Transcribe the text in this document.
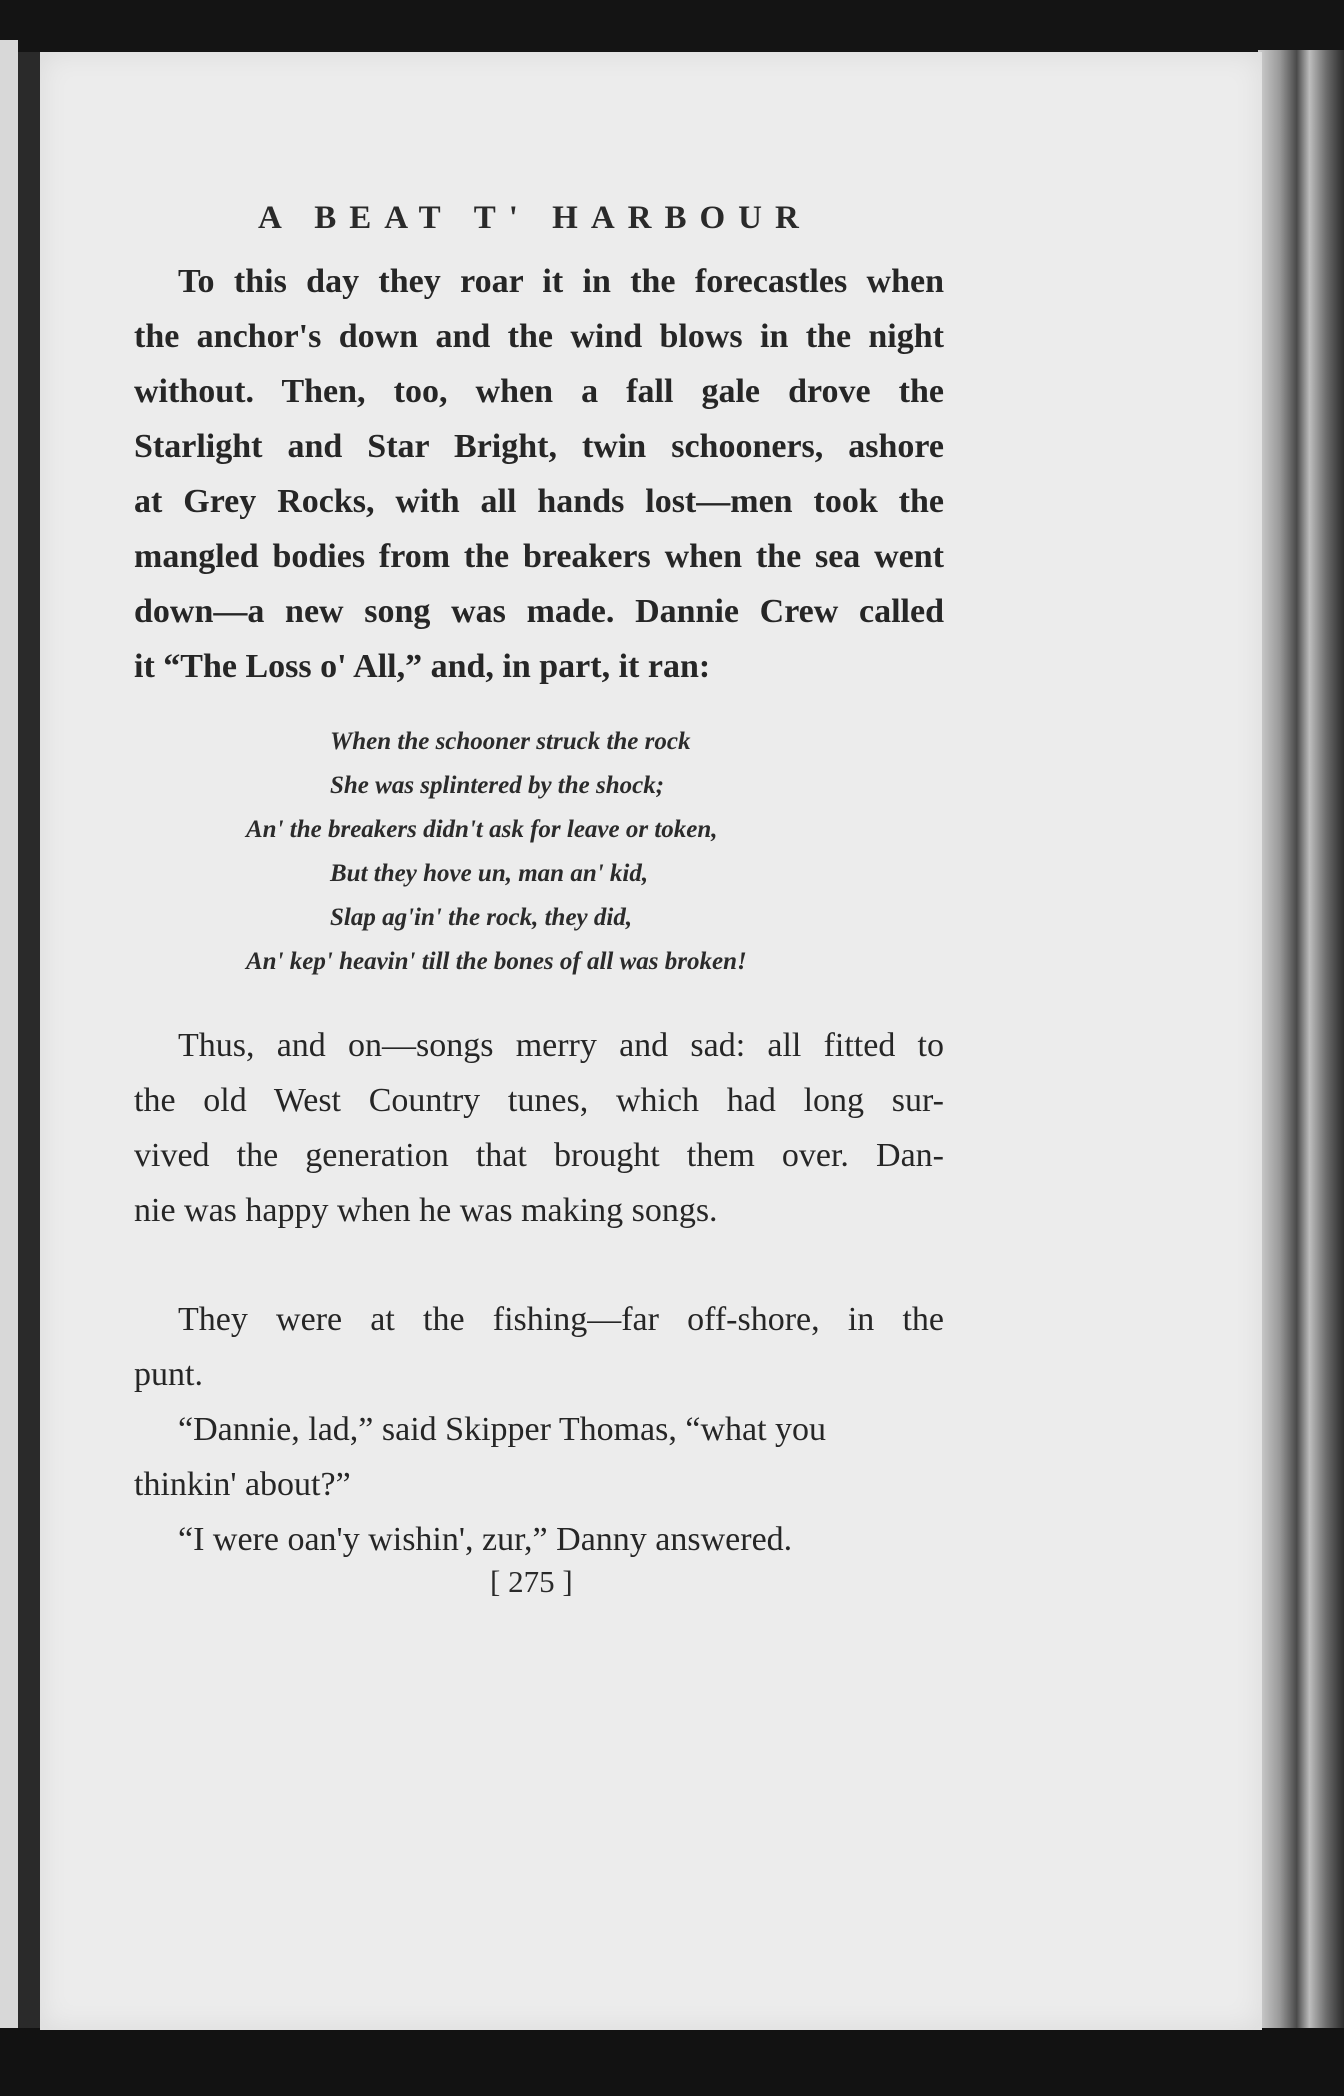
A BEAT T' HARBOUR
To this day they roar it in the forecastles when
the anchor's down and the wind blows in the night
without. Then, too, when a fall gale drove the
Starlight and Star Bright, twin schooners, ashore
at Grey Rocks, with all hands lost—men took the
mangled bodies from the breakers when the sea went
down—a new song was made. Dannie Crew called
it “The Loss o' All,” and, in part, it ran:
When the schooner struck the rock
She was splintered by the shock;
An' the breakers didn't ask for leave or token,
But they hove un, man an' kid,
Slap ag'in' the rock, they did,
An' kep' heavin' till the bones of all was broken!
Thus, and on—songs merry and sad: all fitted to
the old West Country tunes, which had long sur-
vived the generation that brought them over. Dan-
nie was happy when he was making songs.
They were at the fishing—far off-shore, in the
punt.
“Dannie, lad,” said Skipper Thomas, “what you
thinkin' about?”
“I were oan'y wishin', zur,” Danny answered.
[ 275 ]
